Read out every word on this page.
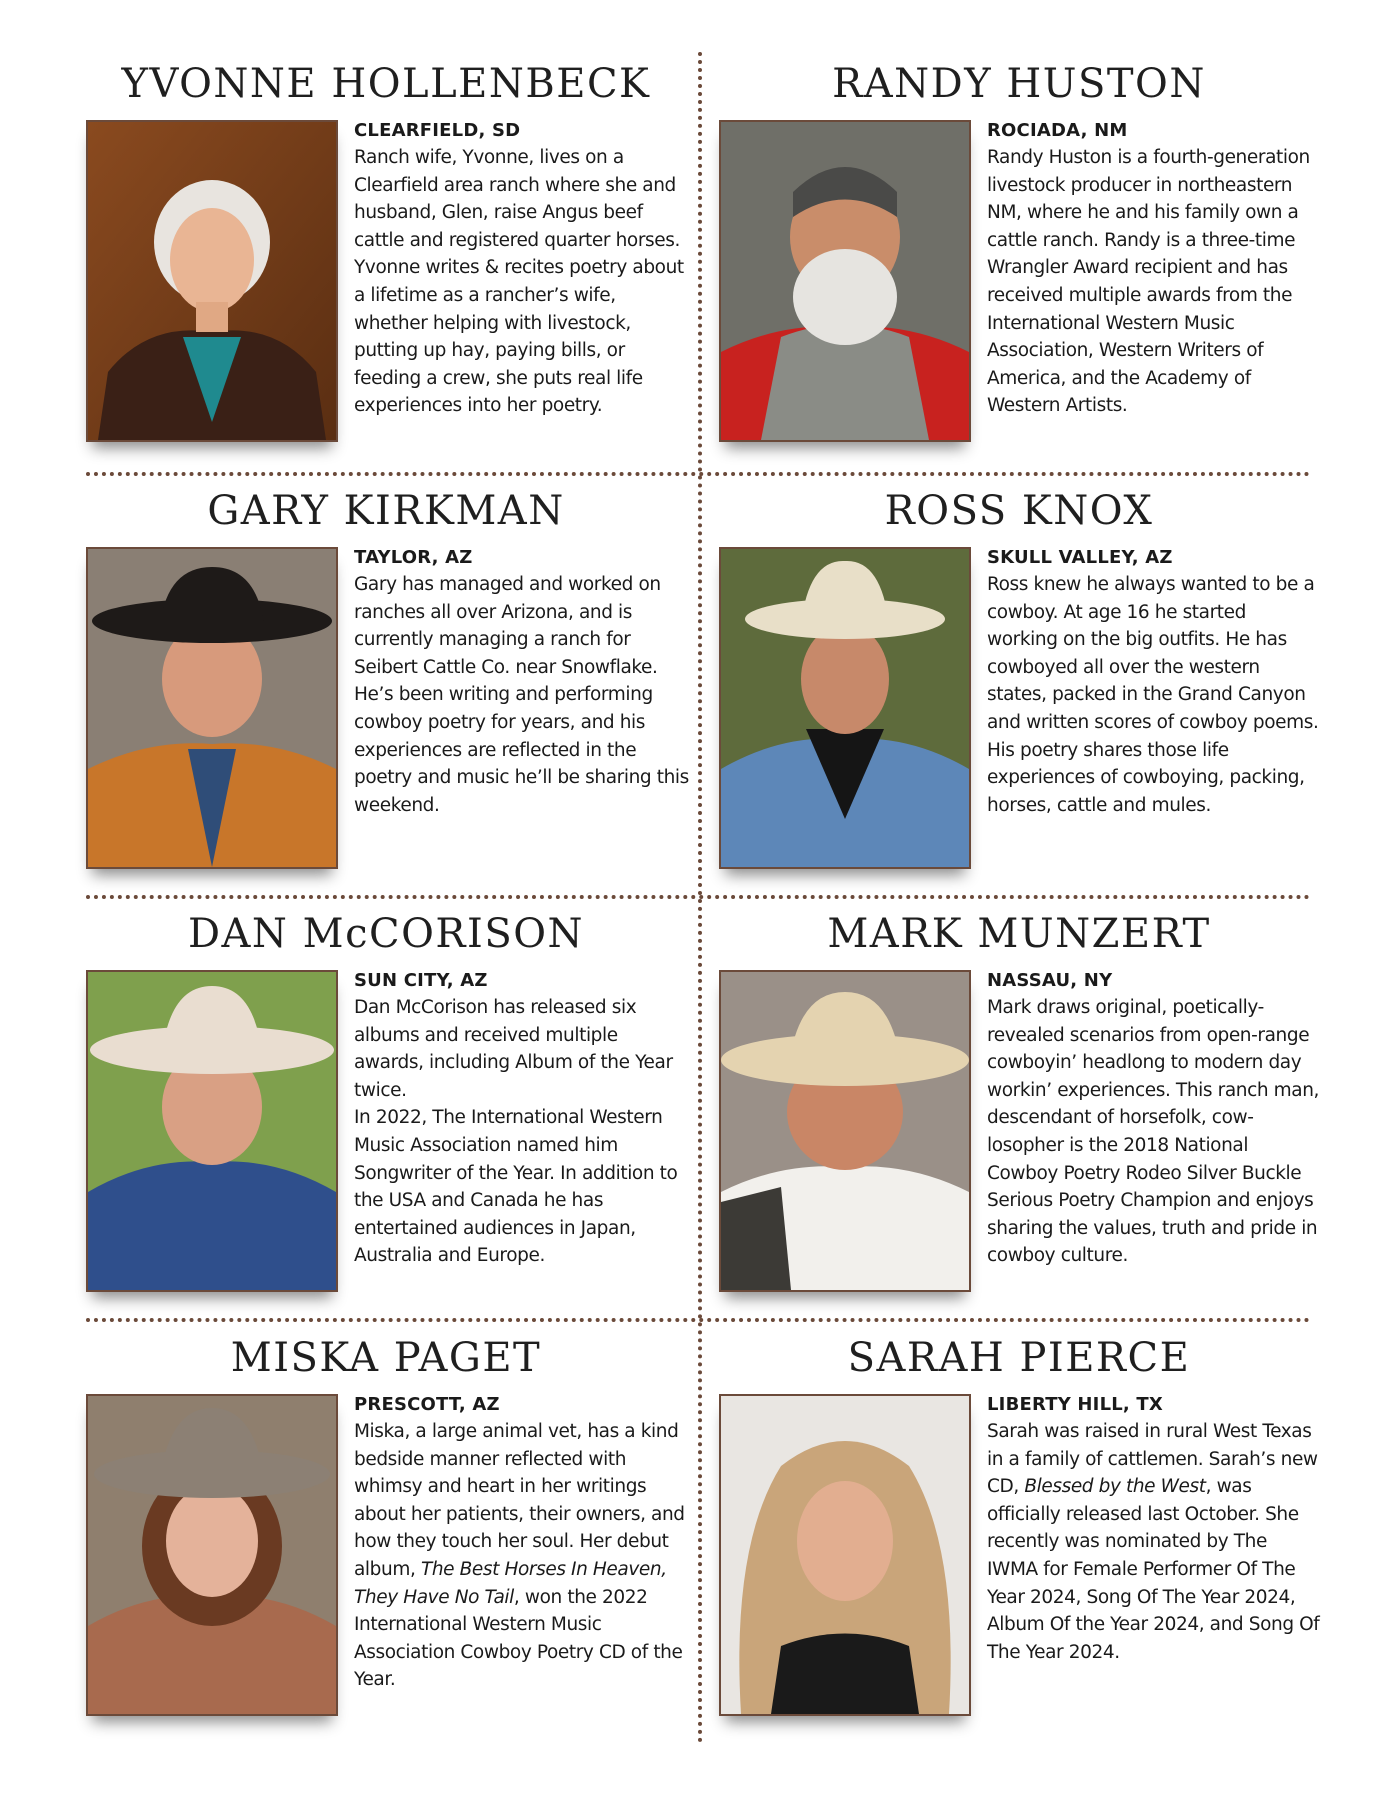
YVONNE HOLLENBECK
CLEARFIELD, SD
Ranch wife, Yvonne, lives on a Clearfield area ranch where she and husband, Glen, raise Angus beef cattle and registered quarter horses. Yvonne writes & recites poetry about a lifetime as a rancher’s wife, whether helping with livestock, putting up hay, paying bills, or feeding a crew, she puts real life experiences into her poetry.
RANDY HUSTON
ROCIADA, NM
Randy Huston is a fourth-generation livestock producer in northeastern NM, where he and his family own a cattle ranch. Randy is a three-time Wrangler Award recipient and has received multiple awards from the International Western Music Association, Western Writers of America, and the Academy of Western Artists.
GARY KIRKMAN
TAYLOR, AZ
Gary has managed and worked on ranches all over Arizona, and is currently managing a ranch for Seibert Cattle Co. near Snowflake. He’s been writing and performing cowboy poetry for years, and his experiences are reflected in the poetry and music he’ll be sharing this weekend.
ROSS KNOX
SKULL VALLEY, AZ
Ross knew he always wanted to be a cowboy. At age 16 he started working on the big outfits. He has cowboyed all over the western states, packed in the Grand Canyon and written scores of cowboy poems. His poetry shares those life experiences of cowboying, packing, horses, cattle and mules.
DAN McCORISON
SUN CITY, AZ
Dan McCorison has released six albums and received multiple awards, including Album of the Year twice.
In 2022, The International Western Music Association named him Songwriter of the Year. In addition to the USA and Canada he has entertained audiences in Japan, Australia and Europe.
MARK MUNZERT
NASSAU, NY
Mark draws original, poetically-revealed scenarios from open-range cowboyin’ headlong to modern day workin’ experiences. This ranch man, descendant of horsefolk, cow-losopher is the 2018 National Cowboy Poetry Rodeo Silver Buckle Serious Poetry Champion and enjoys sharing the values, truth and pride in cowboy culture.
MISKA PAGET
PRESCOTT, AZ
Miska, a large animal vet, has a kind bedside manner reflected with whimsy and heart in her writings about her patients, their owners, and how they touch her soul. Her debut album, The Best Horses In Heaven, They Have No Tail, won the 2022 International Western Music Association Cowboy Poetry CD of the Year.
SARAH PIERCE
LIBERTY HILL, TX
Sarah was raised in rural West Texas in a family of cattlemen. Sarah’s new CD, Blessed by the West, was officially released last October. She recently was nominated by The IWMA for Female Performer Of The Year 2024, Song Of The Year 2024, Album Of the Year 2024, and Song Of The Year 2024.
